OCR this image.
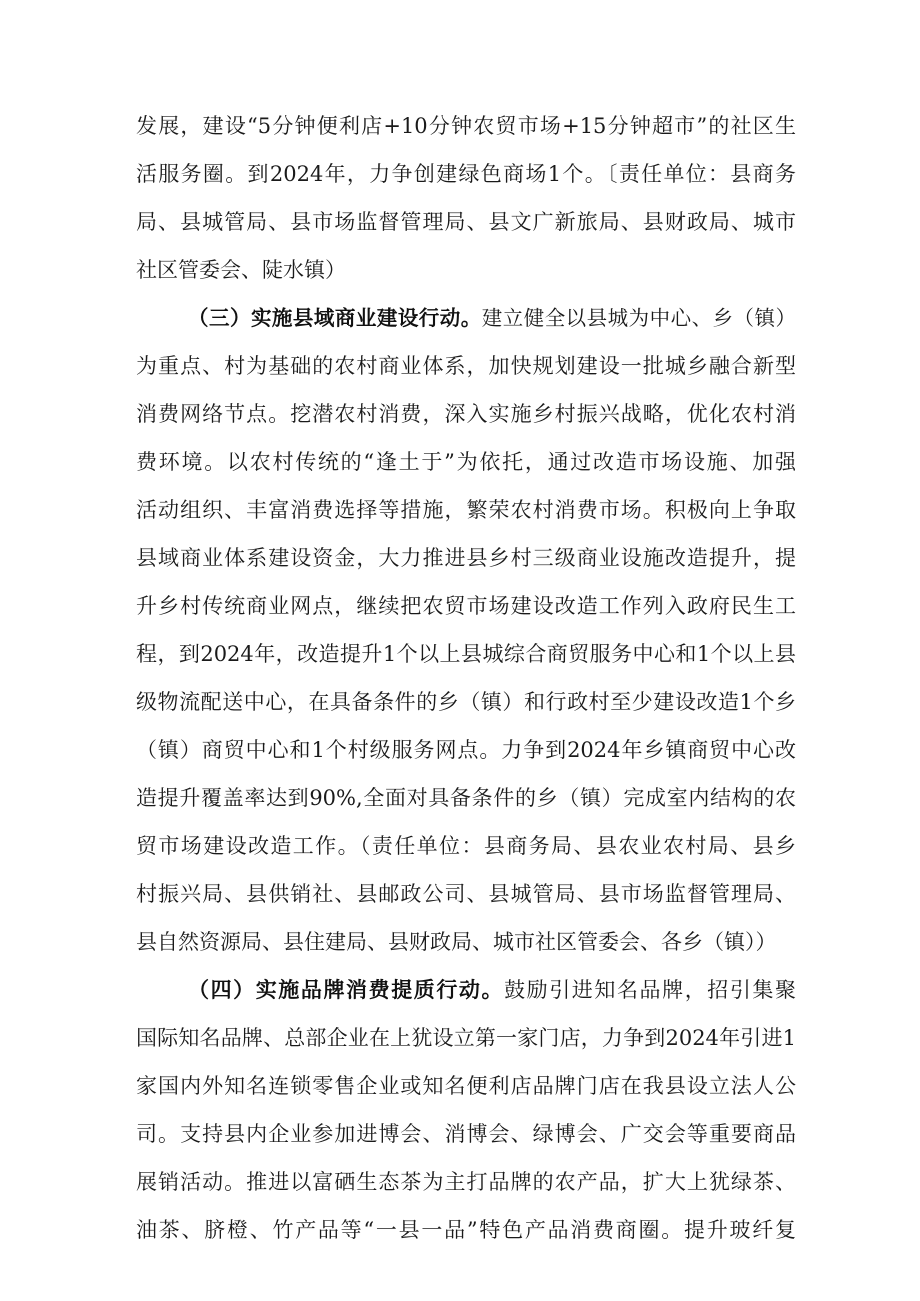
发展，建设“5分钟便利店+10分钟农贸市场+15分钟超市”的社区生
活服务圈。到2024年，力争创建绿色商场1个。〔责任单位：县商务
局、县城管局、县市场监督管理局、县文广新旅局、县财政局、城市
社区管委会、陡水镇）
（三）实施县域商业建设行动。建立健全以县城为中心、乡（镇）
为重点、村为基础的农村商业体系，加快规划建设一批城乡融合新型
消费网络节点。挖潜农村消费，深入实施乡村振兴战略，优化农村消
费环境。以农村传统的“逢土于”为依托，通过改造市场设施、加强
活动组织、丰富消费选择等措施，繁荣农村消费市场。积极向上争取
县域商业体系建设资金，大力推进县乡村三级商业设施改造提升，提
升乡村传统商业网点，继续把农贸市场建设改造工作列入政府民生工
程，到2024年，改造提升1个以上县城综合商贸服务中心和1个以上县
级物流配送中心，在具备条件的乡（镇）和行政村至少建设改造1个乡
（镇）商贸中心和1个村级服务网点。力争到2024年乡镇商贸中心改
造提升覆盖率达到90%,全面对具备条件的乡（镇）完成室内结构的农
贸市场建设改造工作。（责任单位：县商务局、县农业农村局、县乡
村振兴局、县供销社、县邮政公司、县城管局、县市场监督管理局、
县自然资源局、县住建局、县财政局、城市社区管委会、各乡（镇））
（四）实施品牌消费提质行动。鼓励引进知名品牌，招引集聚
国际知名品牌、总部企业在上犹设立第一家门店，力争到2024年引进1
家国内外知名连锁零售企业或知名便利店品牌门店在我县设立法人公
司。支持县内企业参加进博会、消博会、绿博会、广交会等重要商品
展销活动。推进以富硒生态茶为主打品牌的农产品，扩大上犹绿茶、
油茶、脐橙、竹产品等“一县一品”特色产品消费商圈。提升玻纤复
